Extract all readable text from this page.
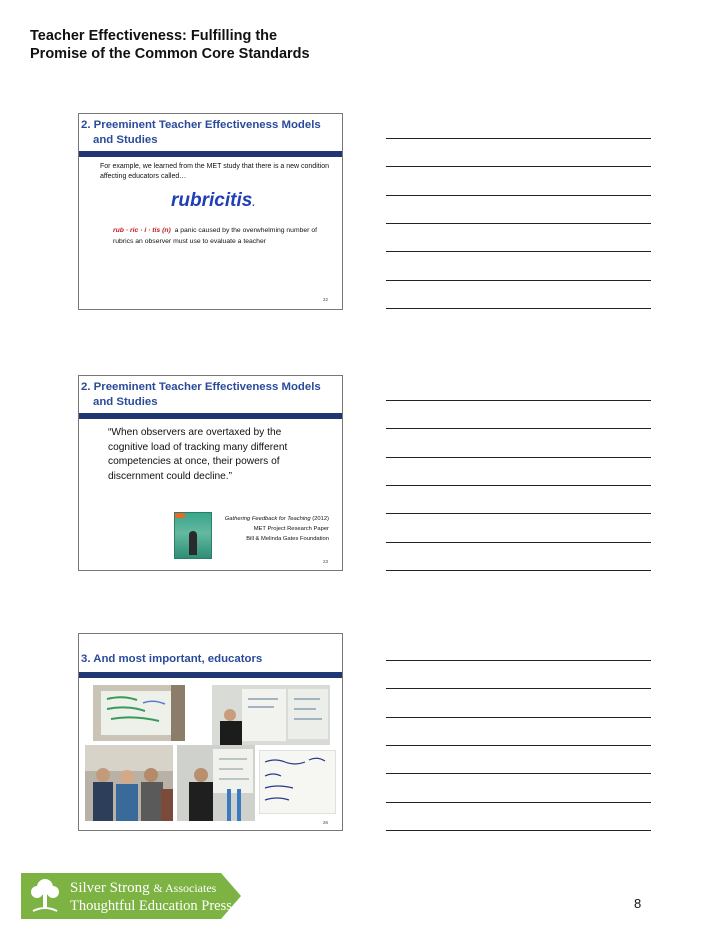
Teacher Effectiveness: Fulfilling the
Promise of the Common Core Standards
2. Preeminent Teacher Effectiveness Models
and Studies
For example, we learned from the MET study that there is a new condition affecting educators called…
rubricitis.
rub · ric · i · tis (n) a panic caused by the overwhelming number of rubrics an observer must use to evaluate a teacher
22
2. Preeminent Teacher Effectiveness Models
and Studies
“When observers are overtaxed by the cognitive load of tracking many different competencies at once, their powers of discernment could decline.”
Gathering Feedback for Teaching (2012)
MET Project Research Paper
Bill & Melinda Gates Foundation
23
3. And most important, educators
26
Silver Strong & Associates
Thoughtful Education Press	8
